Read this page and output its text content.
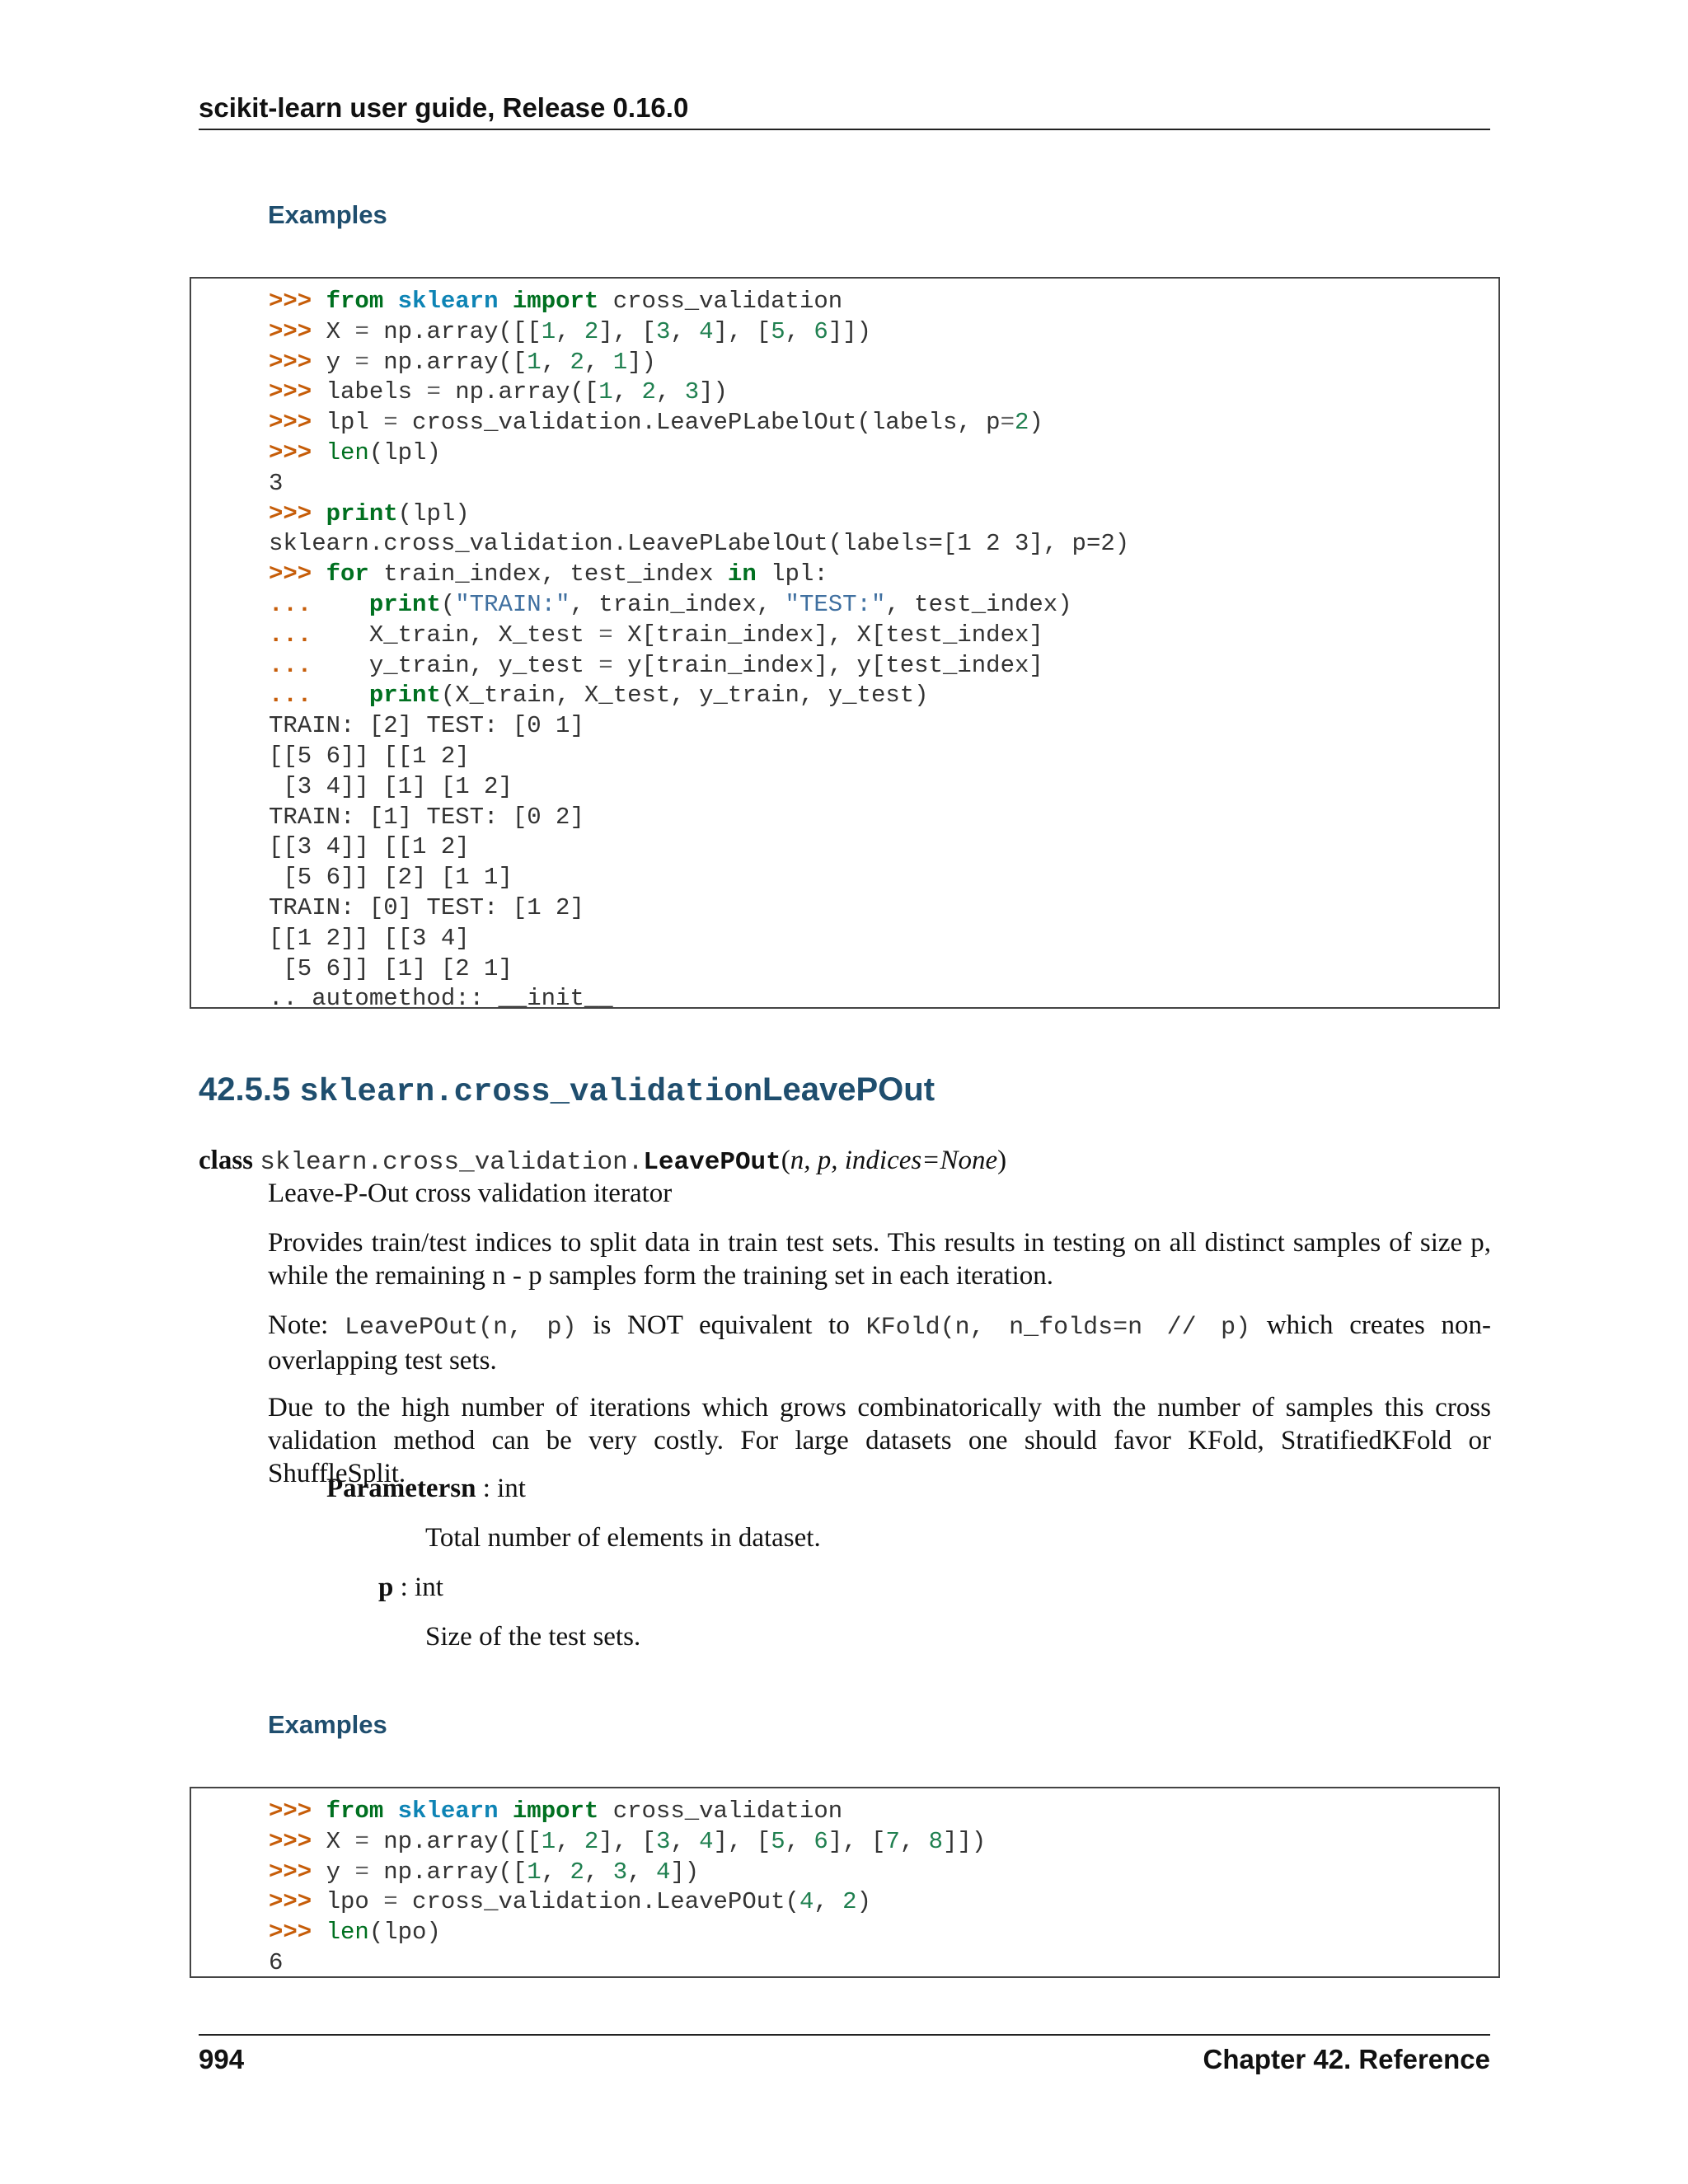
scikit-learn user guide, Release 0.16.0
Examples
>>> from sklearn import cross_validation
>>> X = np.array([[1, 2], [3, 4], [5, 6]])
>>> y = np.array([1, 2, 1])
>>> labels = np.array([1, 2, 3])
>>> lpl = cross_validation.LeavePLabelOut(labels, p=2)
>>> len(lpl)
3
>>> print(lpl)
sklearn.cross_validation.LeavePLabelOut(labels=[1 2 3], p=2)
>>> for train_index, test_index in lpl:
...    print("TRAIN:", train_index, "TEST:", test_index)
...    X_train, X_test = X[train_index], X[test_index]
...    y_train, y_test = y[train_index], y[test_index]
...    print(X_train, X_test, y_train, y_test)
TRAIN: [2] TEST: [0 1]
[[5 6]] [[1 2]
[3 4]] [1] [1 2]
TRAIN: [1] TEST: [0 2]
[[3 4]] [[1 2]
[5 6]] [2] [1 1]
TRAIN: [0] TEST: [1 2]
[[1 2]] [[3 4]
[5 6]] [1] [2 1]
.. automethod:: __init__
42.5.5 sklearn.cross_validationLeavePOut
class sklearn.cross_validation.LeavePOut(n, p, indices=None)
Leave-P-Out cross validation iterator
Provides train/test indices to split data in train test sets. This results in testing on all distinct samples of size p, while the remaining n - p samples form the training set in each iteration.
Note: LeavePOut(n, p) is NOT equivalent to KFold(n, n_folds=n // p) which creates non-overlapping test sets.
Due to the high number of iterations which grows combinatorically with the number of samples this cross validation method can be very costly. For large datasets one should favor KFold, StratifiedKFold or ShuffleSplit.
Parametersn : int
Total number of elements in dataset.
p : int
Size of the test sets.
Examples
>>> from sklearn import cross_validation
>>> X = np.array([[1, 2], [3, 4], [5, 6], [7, 8]])
>>> y = np.array([1, 2, 3, 4])
>>> lpo = cross_validation.LeavePOut(4, 2)
>>> len(lpo)
6
994	Chapter 42. Reference
